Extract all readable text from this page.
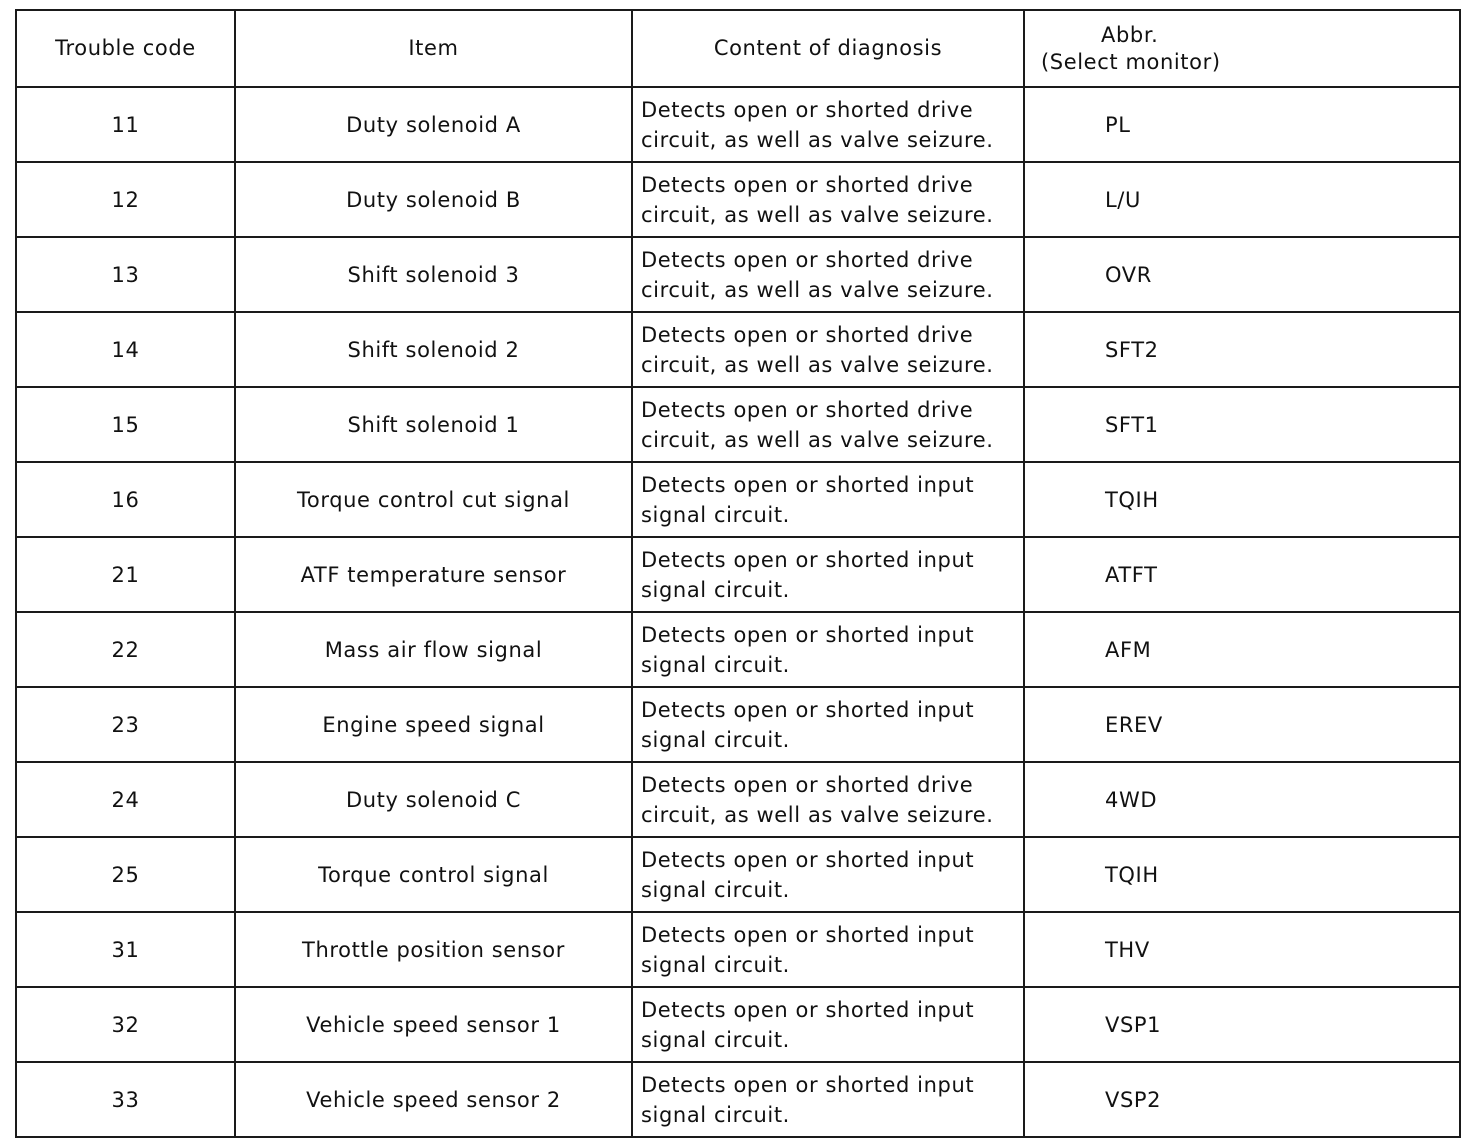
Trouble code	Item	Content of diagnosis	Abbr.
(Select monitor)

11	Duty solenoid A	Detects open or shorted drive
circuit, as well as valve seizure.	PL
12	Duty solenoid B	Detects open or shorted drive
circuit, as well as valve seizure.	L/U
13	Shift solenoid 3	Detects open or shorted drive
circuit, as well as valve seizure.	OVR
14	Shift solenoid 2	Detects open or shorted drive
circuit, as well as valve seizure.	SFT2
15	Shift solenoid 1	Detects open or shorted drive
circuit, as well as valve seizure.	SFT1
16	Torque control cut signal	Detects open or shorted input
signal circuit.	TQIH
21	ATF temperature sensor	Detects open or shorted input
signal circuit.	ATFT
22	Mass air flow signal	Detects open or shorted input
signal circuit.	AFM
23	Engine speed signal	Detects open or shorted input
signal circuit.	EREV
24	Duty solenoid C	Detects open or shorted drive
circuit, as well as valve seizure.	4WD
25	Torque control signal	Detects open or shorted input
signal circuit.	TQIH
31	Throttle position sensor	Detects open or shorted input
signal circuit.	THV
32	Vehicle speed sensor 1	Detects open or shorted input
signal circuit.	VSP1
33	Vehicle speed sensor 2	Detects open or shorted input
signal circuit.	VSP2
